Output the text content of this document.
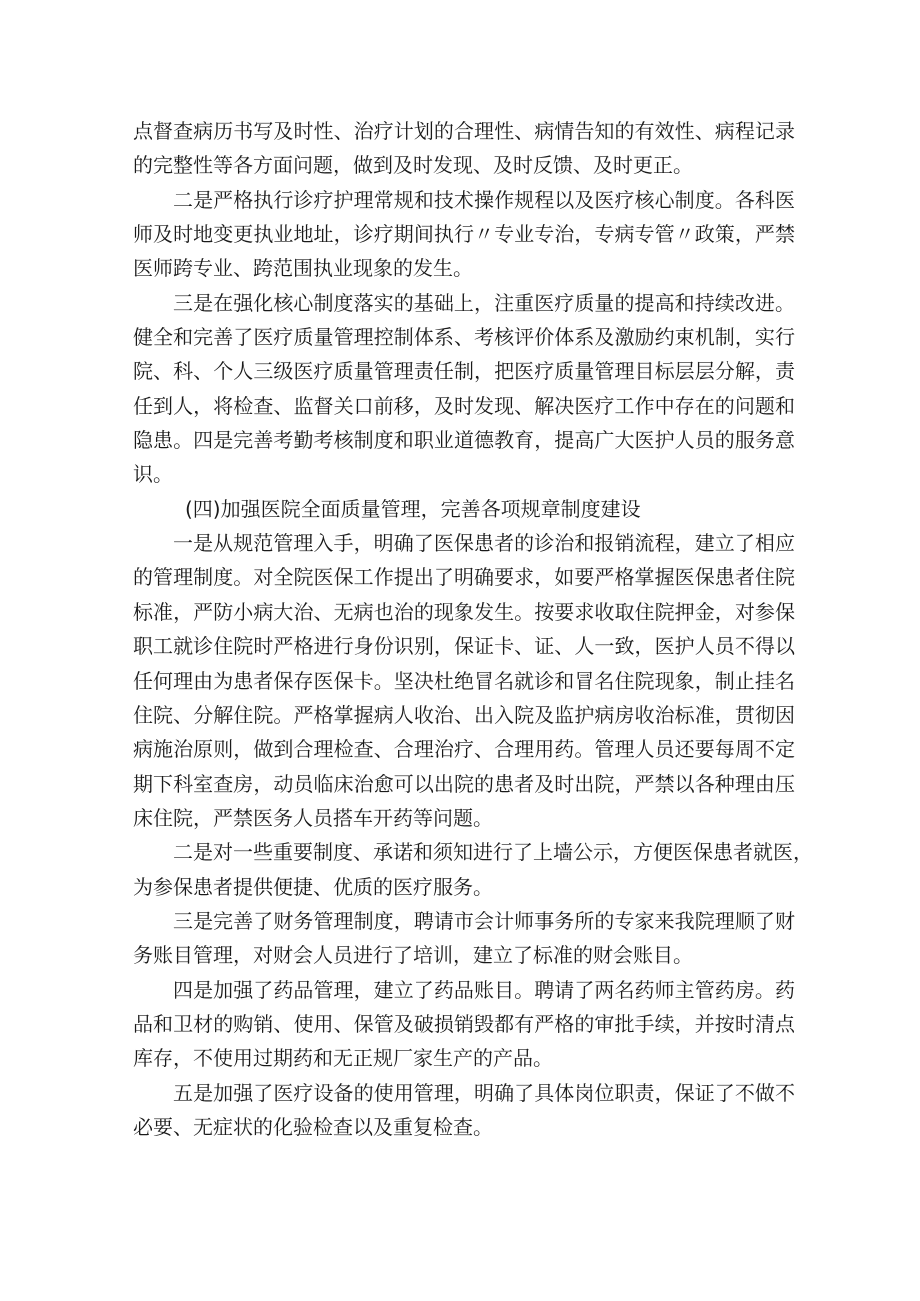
点督查病历书写及时性、治疗计划的合理性、病情告知的有效性、病程记录
的完整性等各方面问题，做到及时发现、及时反馈、及时更正。
二是严格执行诊疗护理常规和技术操作规程以及医疗核心制度。各科医
师及时地变更执业地址，诊疗期间执行〃专业专治，专病专管〃政策，严禁
医师跨专业、跨范围执业现象的发生。
三是在强化核心制度落实的基础上，注重医疗质量的提高和持续改进。
健全和完善了医疗质量管理控制体系、考核评价体系及激励约束机制，实行
院、科、个人三级医疗质量管理责任制，把医疗质量管理目标层层分解，责
任到人，将检查、监督关口前移，及时发现、解决医疗工作中存在的问题和
隐患。四是完善考勤考核制度和职业道德教育，提高广大医护人员的服务意
识。
(四)加强医院全面质量管理，完善各项规章制度建设
一是从规范管理入手，明确了医保患者的诊治和报销流程，建立了相应
的管理制度。对全院医保工作提出了明确要求，如要严格掌握医保患者住院
标准，严防小病大治、无病也治的现象发生。按要求收取住院押金，对参保
职工就诊住院时严格进行身份识别，保证卡、证、人一致，医护人员不得以
任何理由为患者保存医保卡。坚决杜绝冒名就诊和冒名住院现象，制止挂名
住院、分解住院。严格掌握病人收治、出入院及监护病房收治标准，贯彻因
病施治原则，做到合理检查、合理治疗、合理用药。管理人员还要每周不定
期下科室查房，动员临床治愈可以出院的患者及时出院，严禁以各种理由压
床住院，严禁医务人员搭车开药等问题。
二是对一些重要制度、承诺和须知进行了上墙公示，方便医保患者就医，
为参保患者提供便捷、优质的医疗服务。
三是完善了财务管理制度，聘请市会计师事务所的专家来我院理顺了财
务账目管理，对财会人员进行了培训，建立了标准的财会账目。
四是加强了药品管理，建立了药品账目。聘请了两名药师主管药房。药
品和卫材的购销、使用、保管及破损销毁都有严格的审批手续，并按时清点
库存，不使用过期药和无正规厂家生产的产品。
五是加强了医疗设备的使用管理，明确了具体岗位职责，保证了不做不
必要、无症状的化验检查以及重复检查。
